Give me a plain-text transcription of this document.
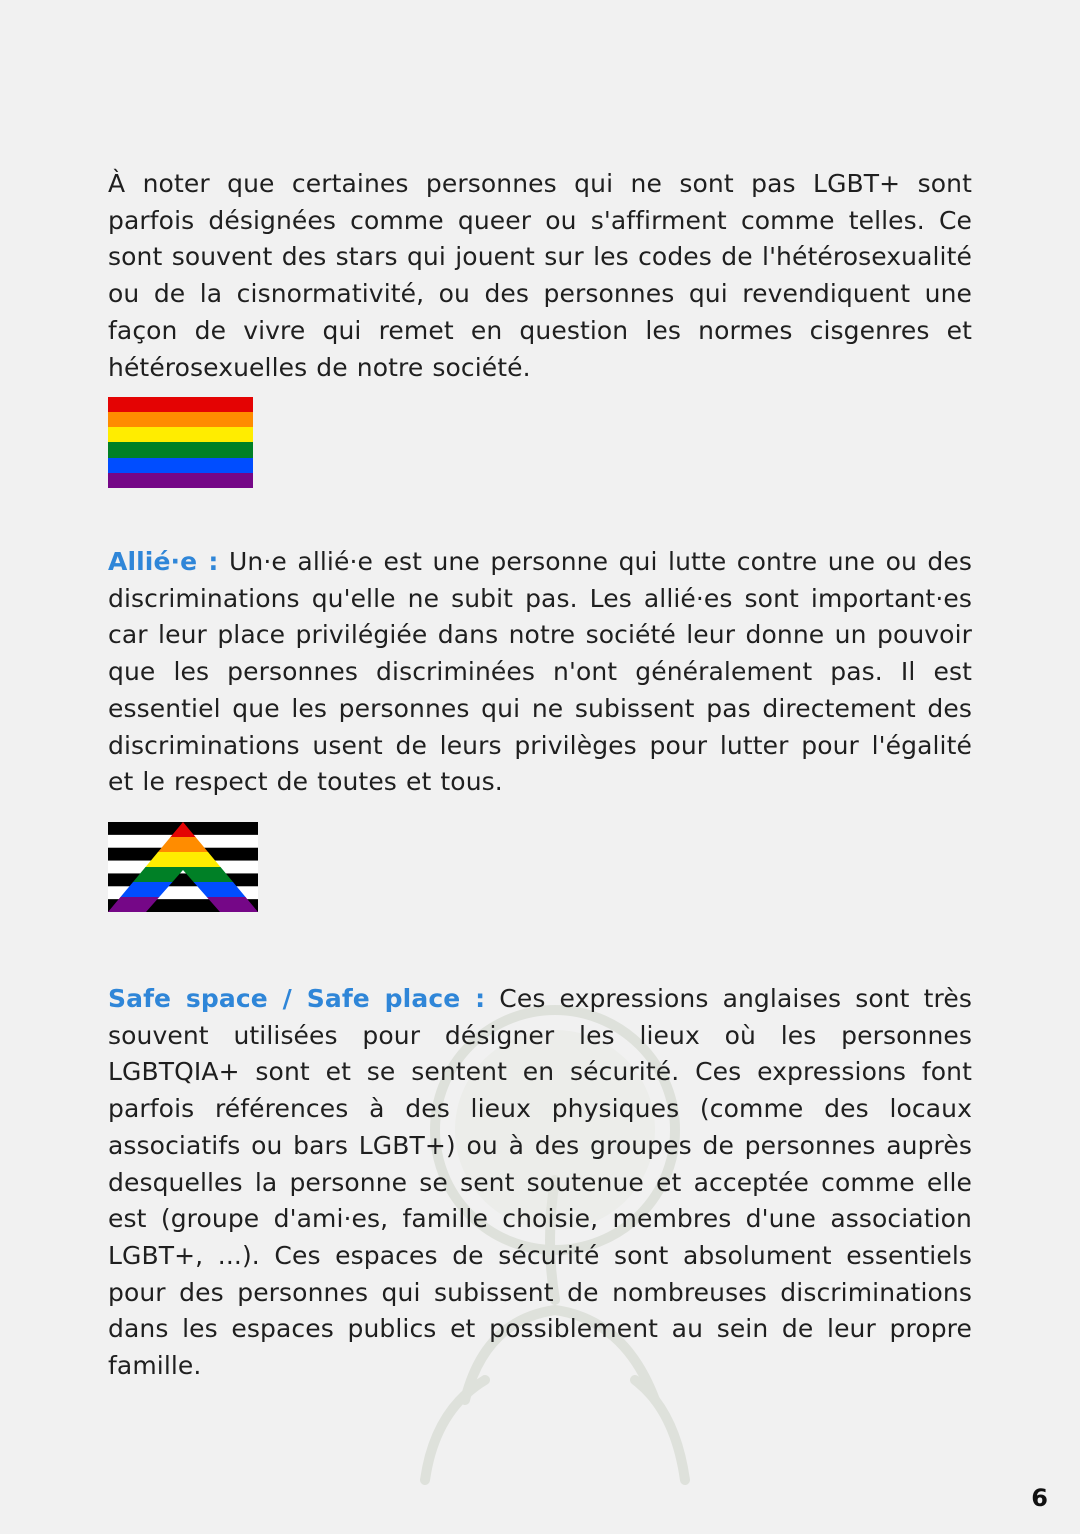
À noter que certaines personnes qui ne sont pas LGBT+ sont parfois désignées comme queer ou s'affirment comme telles. Ce sont souvent des stars qui jouent sur les codes de l'hétérosexualité ou de la cisnormativité, ou des personnes qui revendiquent une façon de vivre qui remet en question les normes cisgenres et hétérosexuelles de notre société.

Allié·e : Un·e allié·e est une personne qui lutte contre une ou des discriminations qu'elle ne subit pas. Les allié·es sont important·es car leur place privilégiée dans notre société leur donne un pouvoir que les personnes discriminées n'ont généralement pas. Il est essentiel que les personnes qui ne subissent pas directement des discriminations usent de leurs privilèges pour lutter pour l'égalité et le respect de toutes et tous.

Safe space / Safe place : Ces expressions anglaises sont très souvent utilisées pour désigner les lieux où les personnes LGBTQIA+ sont et se sentent en sécurité. Ces expressions font parfois références à des lieux physiques (comme des locaux associatifs ou bars LGBT+) ou à des groupes de personnes auprès desquelles la personne se sent soutenue et acceptée comme elle est (groupe d'ami·es, famille choisie, membres d'une association LGBT+, ...). Ces espaces de sécurité sont absolument essentiels pour des personnes qui subissent de nombreuses discriminations dans les espaces publics et possiblement au sein de leur propre famille.

6
